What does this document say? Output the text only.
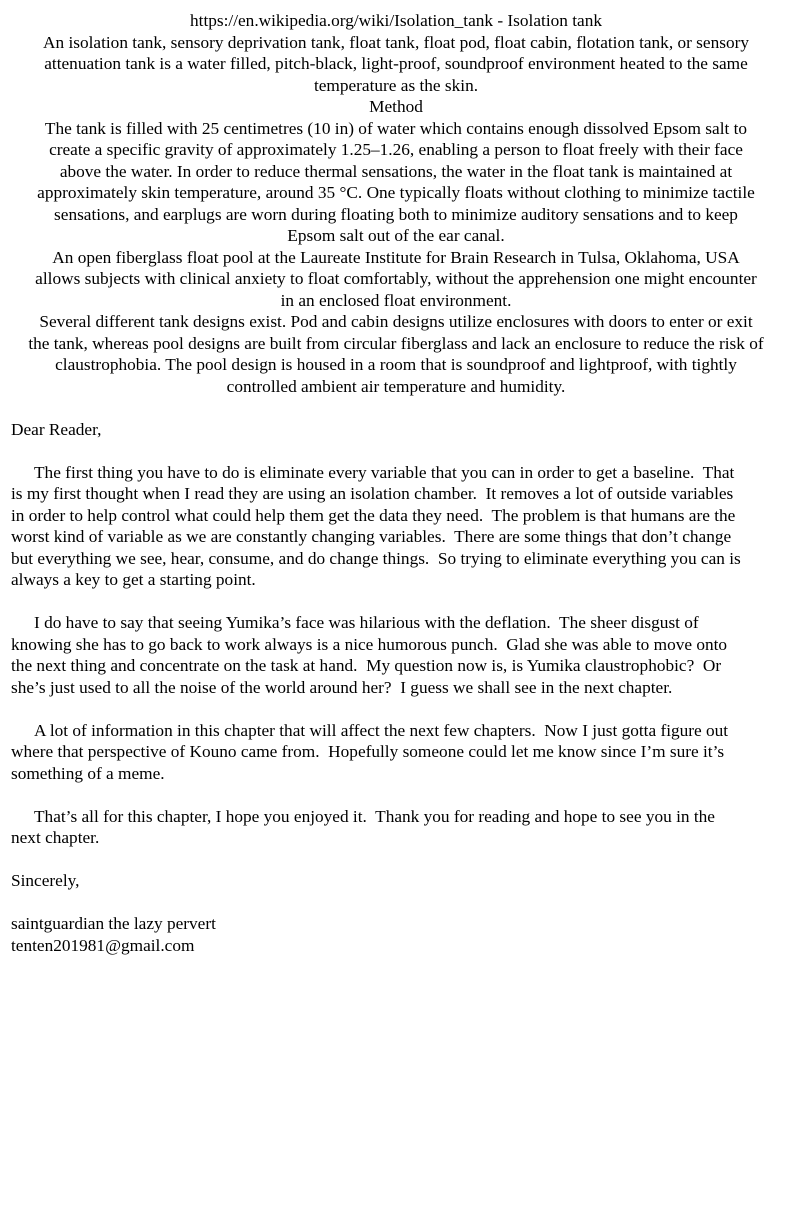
https://en.wikipedia.org/wiki/Isolation_tank - Isolation tank
An isolation tank, sensory deprivation tank, float tank, float pod, float cabin, flotation tank, or sensory
attenuation tank is a water filled, pitch-black, light-proof, soundproof environment heated to the same
temperature as the skin.
Method
The tank is filled with 25 centimetres (10 in) of water which contains enough dissolved Epsom salt to
create a specific gravity of approximately 1.25–1.26, enabling a person to float freely with their face
above the water. In order to reduce thermal sensations, the water in the float tank is maintained at
approximately skin temperature, around 35 °C. One typically floats without clothing to minimize tactile
sensations, and earplugs are worn during floating both to minimize auditory sensations and to keep
Epsom salt out of the ear canal.
An open fiberglass float pool at the Laureate Institute for Brain Research in Tulsa, Oklahoma, USA
allows subjects with clinical anxiety to float comfortably, without the apprehension one might encounter
in an enclosed float environment.
Several different tank designs exist. Pod and cabin designs utilize enclosures with doors to enter or exit
the tank, whereas pool designs are built from circular fiberglass and lack an enclosure to reduce the risk of
claustrophobia. The pool design is housed in a room that is soundproof and lightproof, with tightly
controlled ambient air temperature and humidity.
Dear Reader,
The first thing you have to do is eliminate every variable that you can in order to get a baseline.  That
is my first thought when I read they are using an isolation chamber.  It removes a lot of outside variables
in order to help control what could help them get the data they need.  The problem is that humans are the
worst kind of variable as we are constantly changing variables.  There are some things that don’t change
but everything we see, hear, consume, and do change things.  So trying to eliminate everything you can is
always a key to get a starting point.
I do have to say that seeing Yumika’s face was hilarious with the deflation.  The sheer disgust of
knowing she has to go back to work always is a nice humorous punch.  Glad she was able to move onto
the next thing and concentrate on the task at hand.  My question now is, is Yumika claustrophobic?  Or
she’s just used to all the noise of the world around her?  I guess we shall see in the next chapter.
A lot of information in this chapter that will affect the next few chapters.  Now I just gotta figure out
where that perspective of Kouno came from.  Hopefully someone could let me know since I’m sure it’s
something of a meme.
That’s all for this chapter, I hope you enjoyed it.  Thank you for reading and hope to see you in the
next chapter.
Sincerely,
saintguardian the lazy pervert
tenten201981@gmail.com
